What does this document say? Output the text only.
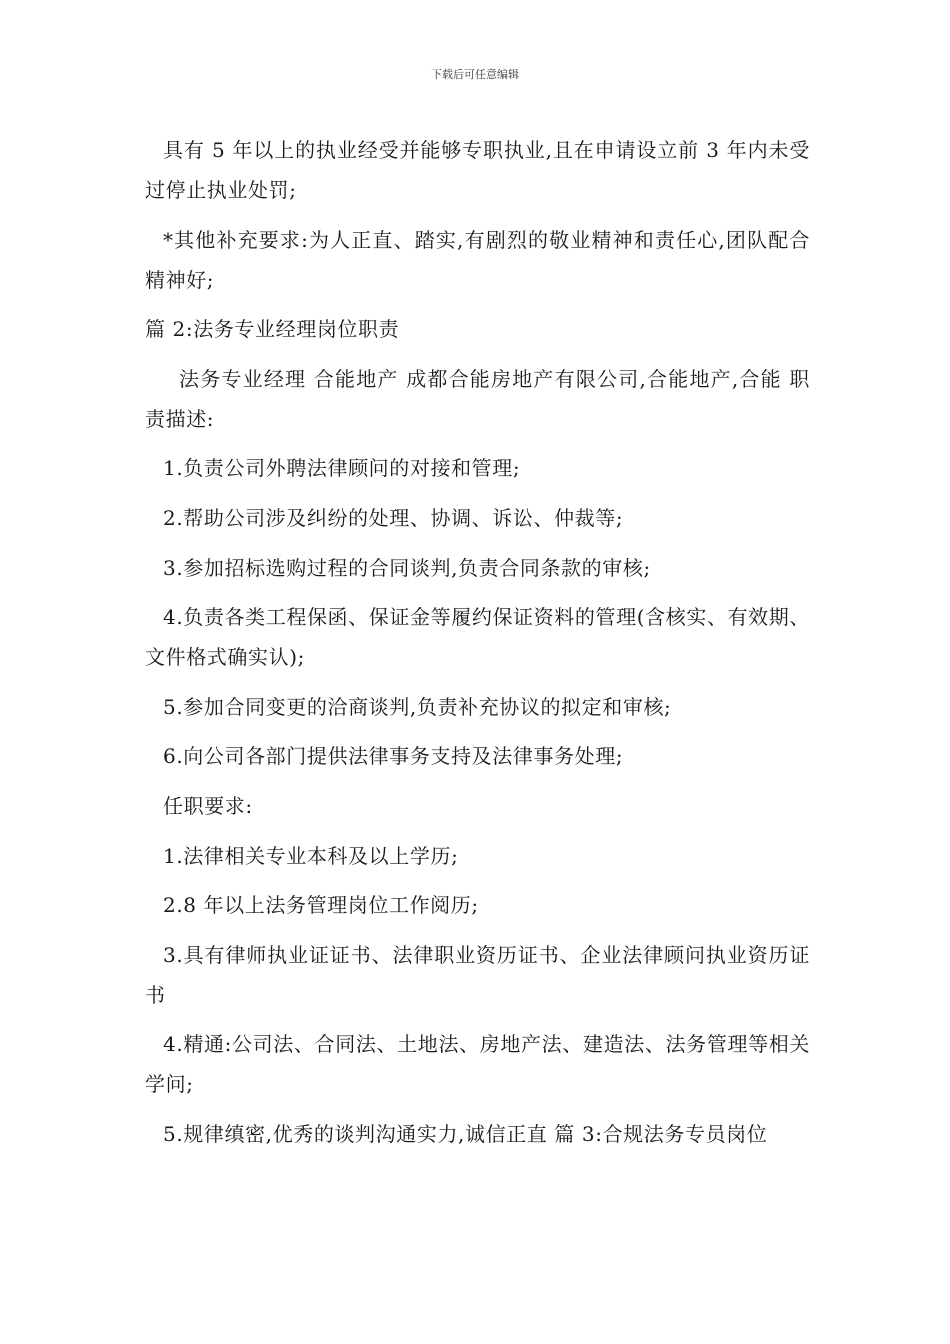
下载后可任意编辑

具有 5 年以上的执业经受并能够专职执业,且在申请设立前 3 年内未受过停止执业处罚;

*其他补充要求:为人正直、踏实,有剧烈的敬业精神和责任心,团队配合精神好;

篇 2:法务专业经理岗位职责

法务专业经理 合能地产 成都合能房地产有限公司,合能地产,合能 职责描述:

1.负责公司外聘法律顾问的对接和管理;

2.帮助公司涉及纠纷的处理、协调、诉讼、仲裁等;

3.参加招标选购过程的合同谈判,负责合同条款的审核;

4.负责各类工程保函、保证金等履约保证资料的管理(含核实、有效期、文件格式确实认);

5.参加合同变更的洽商谈判,负责补充协议的拟定和审核;

6.向公司各部门提供法律事务支持及法律事务处理;

任职要求:

1.法律相关专业本科及以上学历;

2.8 年以上法务管理岗位工作阅历;

3.具有律师执业证证书、法律职业资历证书、企业法律顾问执业资历证书

4.精通:公司法、合同法、土地法、房地产法、建造法、法务管理等相关学问;

5.规律缜密,优秀的谈判沟通实力,诚信正直 篇 3:合规法务专员岗位
